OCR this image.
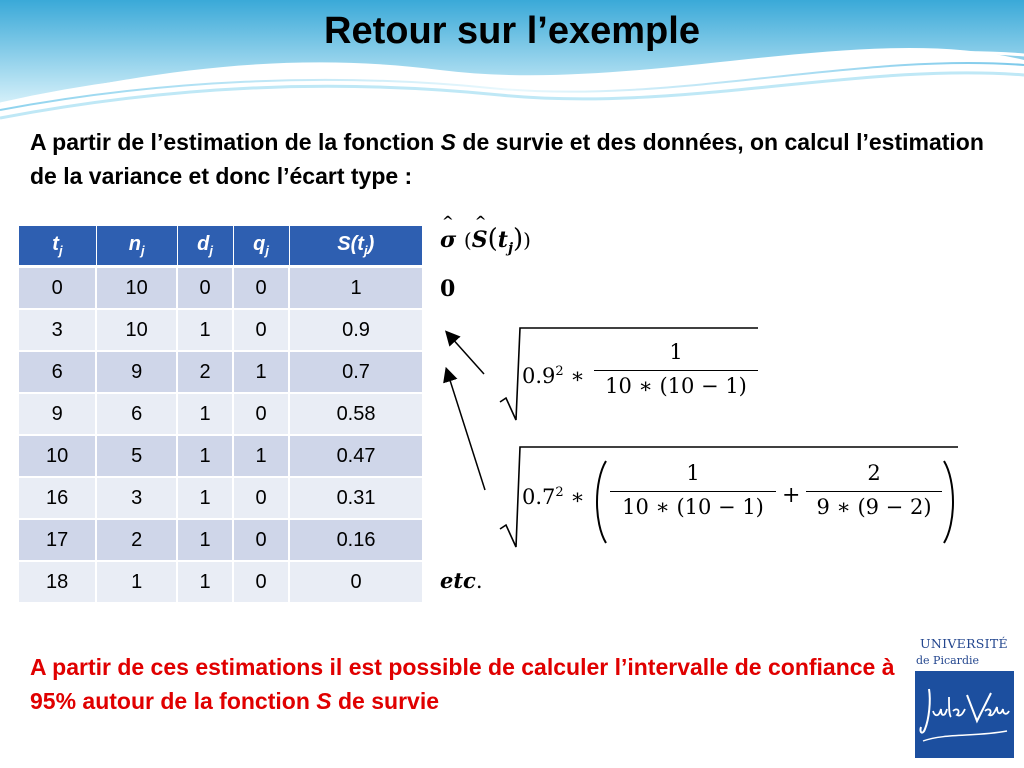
Retour sur l’exemple
A partir de l’estimation de la fonction S de survie et des données, on calcul l’estimation de la variance et donc l’écart type :
$t_j$	$n_j$	$d_j$	$q_j$	$S(t_j)$
0	10	0	0	1
3	10	1	0	0.9
6	9	2	1	0.7
9	6	1	0	0.58
10	5	1	1	0.47
16	3	1	0	0.31
17	2	1	0	0.16
18	1	1	0	0
^
σ (
^
$S(t_j)$)
0
$0.9^2$ ∗
1
10 ∗ (10 − 1)
$0.7^2$ ∗
1
10 ∗ (10 − 1) +
2
9 ∗ (9 − 2)
etc.
A partir de ces estimations il est possible de calculer l’intervalle de confiance à 95% autour de la fonction S de survie
UNIVERSITÉ
de Picardie
